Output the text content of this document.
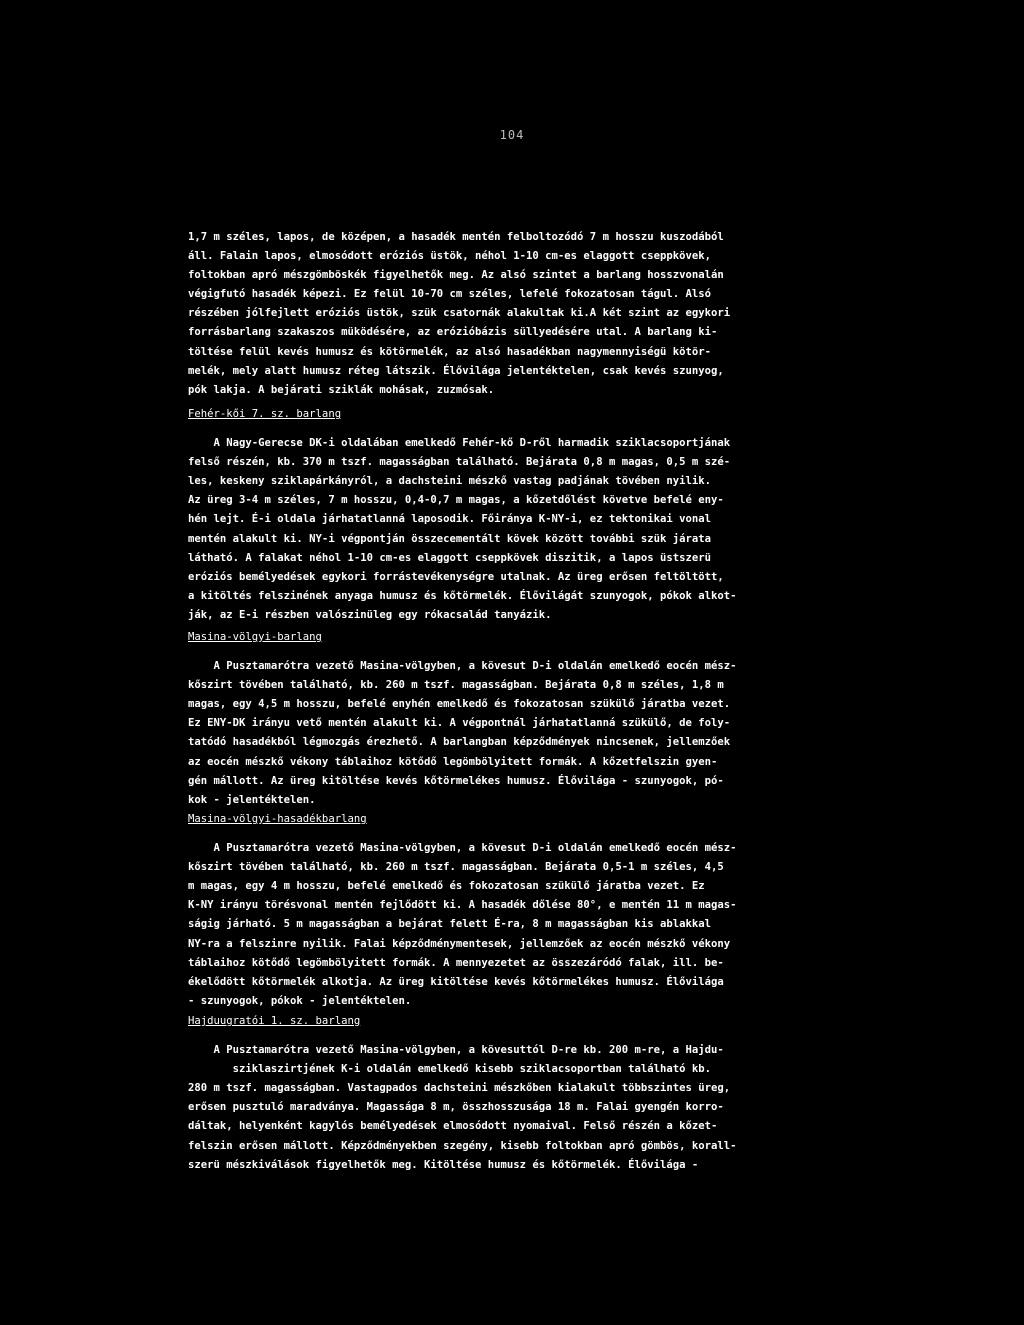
104
1,7 m széles, lapos, de középen, a hasadék mentén felboltozódó 7 m hosszu kuszodából
áll. Falain lapos, elmosódott eróziós üstök, néhol 1-10 cm-es elaggott cseppkövek,
foltokban apró mészgömböskék figyelhetők meg. Az alsó szintet a barlang hosszvonalán
végigfutó hasadék képezi. Ez felül 10-70 cm széles, lefelé fokozatosan tágul. Alsó
részében jólfejlett eróziós üstök, szük csatornák alakultak ki.A két szint az egykori
forrásbarlang szakaszos müködésére, az erózióbázis süllyedésére utal. A barlang ki-
töltése felül kevés humusz és kötörmelék, az alsó hasadékban nagymennyiségü kötör-
melék, mely alatt humusz réteg látszik. Élővilága jelentéktelen, csak kevés szunyog,
pók lakja. A bejárati sziklák mohásak, zuzmósak.
Fehér-kői 7. sz. barlang
A Nagy-Gerecse DK-i oldalában emelkedő Fehér-kő D-ről harmadik sziklacsoportjának
felső részén, kb. 370 m tszf. magasságban található. Bejárata 0,8 m magas, 0,5 m szé-
les, keskeny sziklapárkányról, a dachsteini mészkő vastag padjának tövében nyilik.
Az üreg 3-4 m széles, 7 m hosszu, 0,4-0,7 m magas, a kőzetdőlést követve befelé eny-
hén lejt. É-i oldala járhatatlanná laposodik. Főiránya K-NY-i, ez tektonikai vonal
mentén alakult ki. NY-i végpontján összecementált kövek között további szük járata
látható. A falakat néhol 1-10 cm-es elaggott cseppkövek diszitik, a lapos üstszerü
eróziós bemélyedések egykori forrástevékenységre utalnak. Az üreg erősen feltöltött,
a kitöltés felszinének anyaga humusz és kőtörmelék. Élővilágát szunyogok, pókok alkot-
ják, az E-i részben valószinüleg egy rókacsalád tanyázik.
Masina-völgyi-barlang
A Pusztamarótra vezető Masina-völgyben, a kövesut D-i oldalán emelkedő eocén mész-
kőszirt tövében található, kb. 260 m tszf. magasságban. Bejárata 0,8 m széles, 1,8 m
magas, egy 4,5 m hosszu, befelé enyhén emelkedő és fokozatosan szükülő járatba vezet.
Ez ENY-DK irányu vető mentén alakult ki. A végpontnál járhatatlanná szükülő, de foly-
tatódó hasadékból légmozgás érezhető. A barlangban képződmények nincsenek, jellemzőek
az eocén mészkő vékony táblaihoz kötődő legömbölyitett formák. A kőzetfelszin gyen-
gén mállott. Az üreg kitöltése kevés kőtörmelékes humusz. Élővilága - szunyogok, pó-
kok - jelentéktelen.
Masina-völgyi-hasadékbarlang
A Pusztamarótra vezető Masina-völgyben, a kövesut D-i oldalán emelkedő eocén mész-
kőszirt tövében található, kb. 260 m tszf. magasságban. Bejárata 0,5-1 m széles, 4,5
m magas, egy 4 m hosszu, befelé emelkedő és fokozatosan szükülő járatba vezet. Ez
K-NY irányu törésvonal mentén fejlődött ki. A hasadék dőlése 80°, e mentén 11 m magas-
ságig járható. 5 m magasságban a bejárat felett É-ra, 8 m magasságban kis ablakkal
NY-ra a felszinre nyilik. Falai képződménymentesek, jellemzőek az eocén mészkő vékony
táblaihoz kötődő legömbölyitett formák. A mennyezetet az összezáródó falak, ill. be-
ékelődött kőtörmelék alkotja. Az üreg kitöltése kevés kőtörmelékes humusz. Élővilága
- szunyogok, pókok - jelentéktelen.
Hajduugratói 1. sz. barlang
A Pusztamarótra vezető Masina-völgyben, a kövesuttól D-re kb. 200 m-re, a Hajdu-
sziklaszirtjének K-i oldalán emelkedő kisebb sziklacsoportban található kb.
280 m tszf. magasságban. Vastagpados dachsteini mészkőben kialakult többszintes üreg,
erősen pusztuló maradványa. Magassága 8 m, összhosszusága 18 m. Falai gyengén korro-
dáltak, helyenként kagylós bemélyedések elmosódott nyomaival. Felső részén a kőzet-
felszin erősen mállott. Képződményekben szegény, kisebb foltokban apró gömbös, korall-
szerü mészkiválások figyelhetők meg. Kitöltése humusz és kőtörmelék. Élővilága -
